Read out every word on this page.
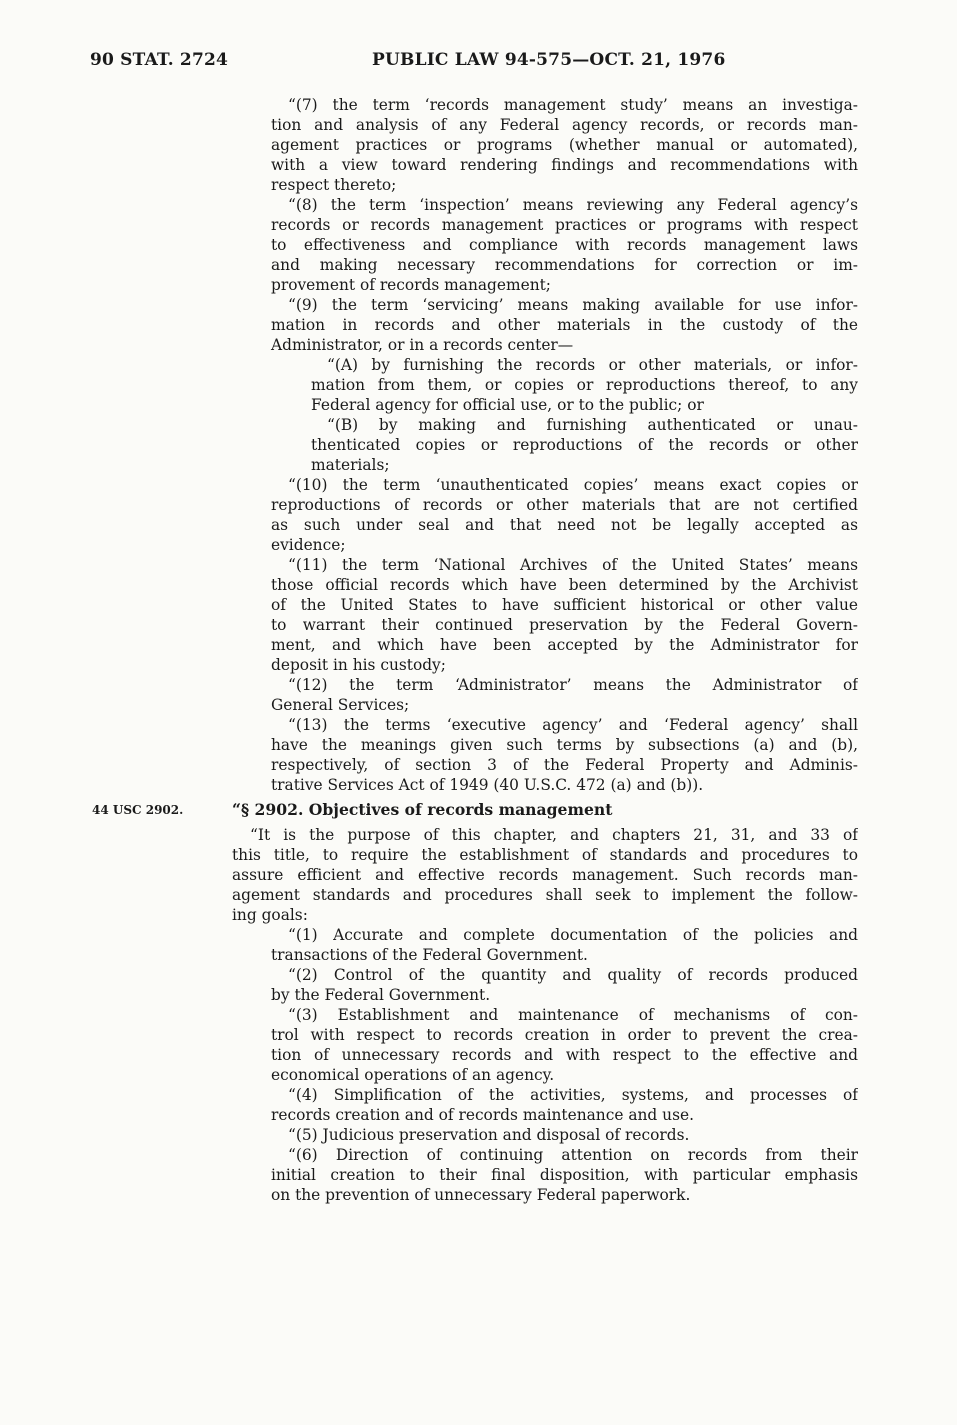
90 STAT. 2724	PUBLIC LAW 94-575—OCT. 21, 1976
“(7) the term ‘records management study’ means an investiga-
tion and analysis of any Federal agency records, or records man-
agement practices or programs (whether manual or automated),
with a view toward rendering findings and recommendations with
respect thereto;
“(8) the term ‘inspection’ means reviewing any Federal agency’s
records or records management practices or programs with respect
to effectiveness and compliance with records management laws
and making necessary recommendations for correction or im-
provement of records management;
“(9) the term ‘servicing’ means making available for use infor-
mation in records and other materials in the custody of the
Administrator, or in a records center—
“(A) by furnishing the records or other materials, or infor-
mation from them, or copies or reproductions thereof, to any
Federal agency for official use, or to the public; or
“(B) by making and furnishing authenticated or unau-
thenticated copies or reproductions of the records or other
materials;
“(10) the term ‘unauthenticated copies’ means exact copies or
reproductions of records or other materials that are not certified
as such under seal and that need not be legally accepted as
evidence;
“(11) the term ‘National Archives of the United States’ means
those official records which have been determined by the Archivist
of the United States to have sufficient historical or other value
to warrant their continued preservation by the Federal Govern-
ment, and which have been accepted by the Administrator for
deposit in his custody;
“(12) the term ‘Administrator’ means the Administrator of
General Services;
“(13) the terms ‘executive agency’ and ‘Federal agency’ shall
have the meanings given such terms by subsections (a) and (b),
respectively, of section 3 of the Federal Property and Adminis-
trative Services Act of 1949 (40 U.S.C. 472 (a) and (b)).
44 USC 2902.	“§ 2902. Objectives of records management
“It is the purpose of this chapter, and chapters 21, 31, and 33 of
this title, to require the establishment of standards and procedures to
assure efficient and effective records management. Such records man-
agement standards and procedures shall seek to implement the follow-
ing goals:
“(1) Accurate and complete documentation of the policies and
transactions of the Federal Government.
“(2) Control of the quantity and quality of records produced
by the Federal Government.
“(3) Establishment and maintenance of mechanisms of con-
trol with respect to records creation in order to prevent the crea-
tion of unnecessary records and with respect to the effective and
economical operations of an agency.
“(4) Simplification of the activities, systems, and processes of
records creation and of records maintenance and use.
“(5) Judicious preservation and disposal of records.
“(6) Direction of continuing attention on records from their
initial creation to their final disposition, with particular emphasis
on the prevention of unnecessary Federal paperwork.
